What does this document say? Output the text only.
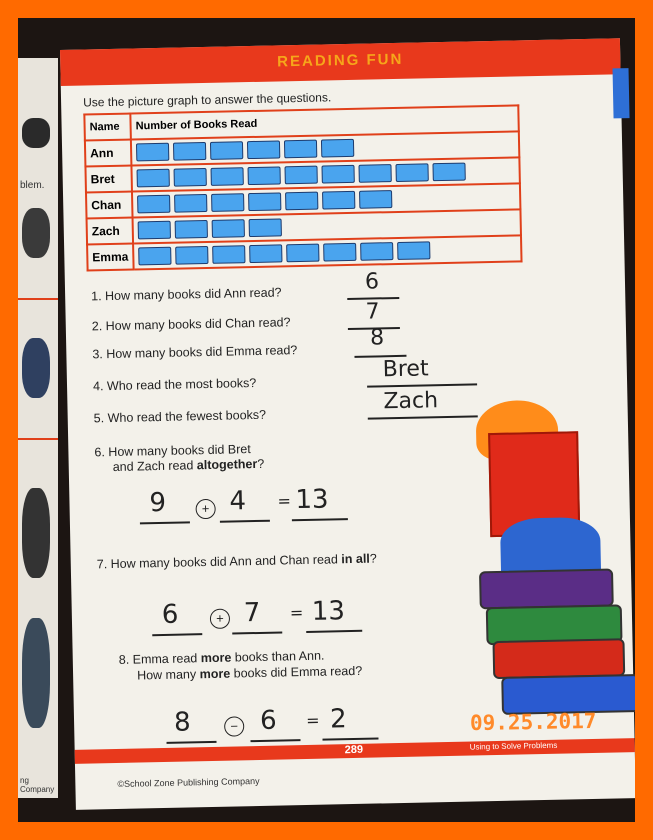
blem.
ng Company
READING FUN
Use the picture graph to answer the questions.
Name	Number of Books Read
Ann	
Bret	
Chan	
Zach	
Emma	
1. How many books did Ann read?	6
2. How many books did Chan read?	7
3. How many books did Emma read?
8
4. Who read the most books?
Bret
5. Who read the fewest books?
Zach
6. How many books did Bret
and Zach read altogether?
9	+ 4 = 13
7. How many books did Ann and Chan read in all?
6	+ 7 = 13
8. Emma read more books than Ann.
How many more books did Emma read?
8	− 6 = 2
289	Using to Solve Problems
©School Zone Publishing Company
09.25.2017
